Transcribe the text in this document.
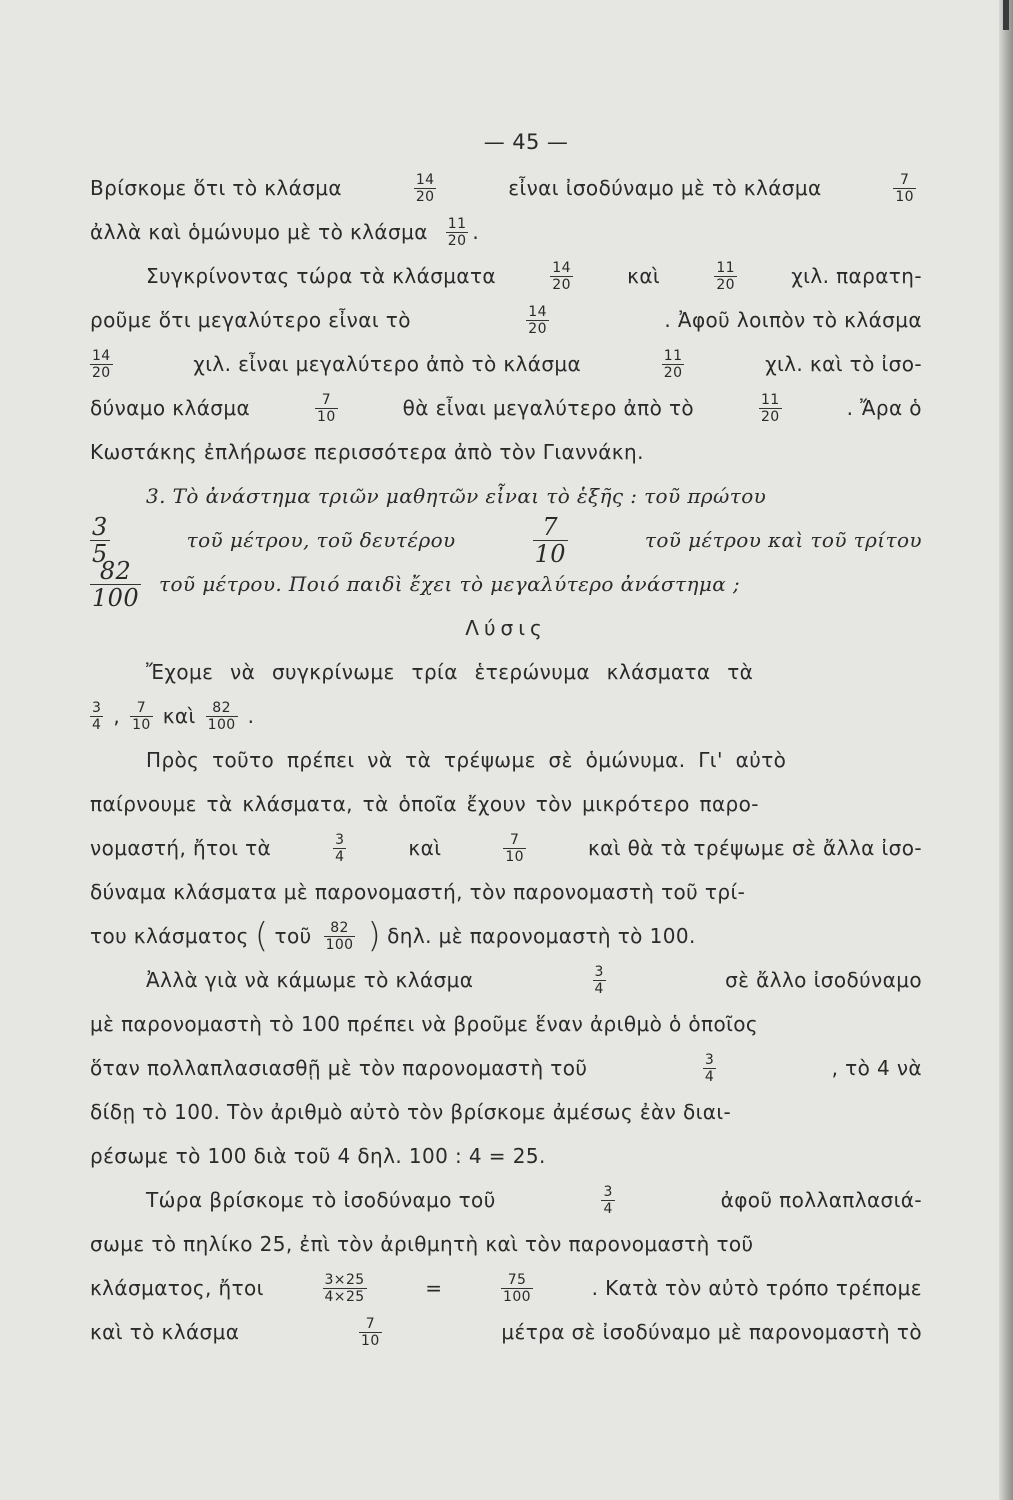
— 45 —
Βρίσκομε ὅτι τὸ κλάσμα	$\frac{14}{20}$	εἶναι ἰσοδύναμο μὲ τὸ κλάσμα	$\frac{7}{10}$
ἀλλὰ καὶ ὁμώνυμο μὲ τὸ κλάσμα $\frac{11}{20}$ .
Συγκρίνοντας τώρα τὰ κλάσματα	$\frac{14}{20}$	καὶ	$\frac{11}{20}$	χιλ. παρατη-
ροῦμε ὅτι μεγαλύτερο εἶναι τὸ	$\frac{14}{20}$	. Ἀφοῦ λοιπὸν τὸ κλάσμα
$\frac{14}{20}$	χιλ. εἶναι μεγαλύτερο ἀπὸ τὸ κλάσμα	$\frac{11}{20}$	χιλ. καὶ τὸ ἰσο-
δύναμο κλάσμα	$\frac{7}{10}$	θὰ εἶναι μεγαλύτερο ἀπὸ τὸ	$\frac{11}{20}$	. Ἄρα ὁ
Κωστάκης ἐπλήρωσε περισσότερα ἀπὸ τὸν Γιαννάκη.
3. Τὸ ἀνάστημα τριῶν μαθητῶν εἶναι τὸ ἑξῆς : τοῦ πρώτου
$\frac{3}{5}$	τοῦ μέτρου, τοῦ δευτέρου	$\frac{7}{10}$	τοῦ μέτρου καὶ τοῦ τρίτου
$\frac{82}{100}$ τοῦ μέτρου. Ποιό παιδὶ ἔχει τὸ μεγαλύτερο ἀνάστημα ;
Λύσις
Ἔχομε νὰ συγκρίνωμε τρία ἑτερώνυμα κλάσματα τὰ
$\frac{3}{4}$ , $\frac{7}{10}$ καὶ $\frac{82}{100}$ .
Πρὸς τοῦτο πρέπει νὰ τὰ τρέψωμε σὲ ὁμώνυμα. Γι' αὐτὸ
παίρνουμε τὰ κλάσματα, τὰ ὁποῖα ἔχουν τὸν μικρότερο παρο-
νομαστή, ἤτοι τὰ	$\frac{3}{4}$	καὶ	$\frac{7}{10}$	καὶ θὰ τὰ τρέψωμε σὲ ἄλλα ἰσο-
δύναμα κλάσματα μὲ παρονομαστή, τὸν παρονομαστὴ τοῦ τρί-
του κλάσματος ( τοῦ $\frac{82}{100}$ ) δηλ. μὲ παρονομαστὴ τὸ 100.
Ἀλλὰ γιὰ νὰ κάμωμε τὸ κλάσμα	$\frac{3}{4}$	σὲ ἄλλο ἰσοδύναμο
μὲ παρονομαστὴ τὸ 100 πρέπει νὰ βροῦμε ἕναν ἀριθμὸ ὁ ὁποῖος
ὅταν πολλαπλασιασθῇ μὲ τὸν παρονομαστὴ τοῦ	$\frac{3}{4}$	, τὸ 4 νὰ
δίδῃ τὸ 100. Τὸν ἀριθμὸ αὐτὸ τὸν βρίσκομε ἀμέσως ἐὰν διαι-
ρέσωμε τὸ 100 διὰ τοῦ 4 δηλ. 100 : 4 = 25.
Τώρα βρίσκομε τὸ ἰσοδύναμο τοῦ	$\frac{3}{4}$	ἀφοῦ πολλαπλασιά-
σωμε τὸ πηλίκο 25, ἐπὶ τὸν ἀριθμητὴ καὶ τὸν παρονομαστὴ τοῦ
κλάσματος, ἤτοι	$\frac{3\times 25}{4\times 25}$	=	$\frac{75}{100}$	. Κατὰ τὸν αὐτὸ τρόπο τρέπομε
καὶ τὸ κλάσμα	$\frac{7}{10}$	μέτρα σὲ ἰσοδύναμο μὲ παρονομαστὴ τὸ
